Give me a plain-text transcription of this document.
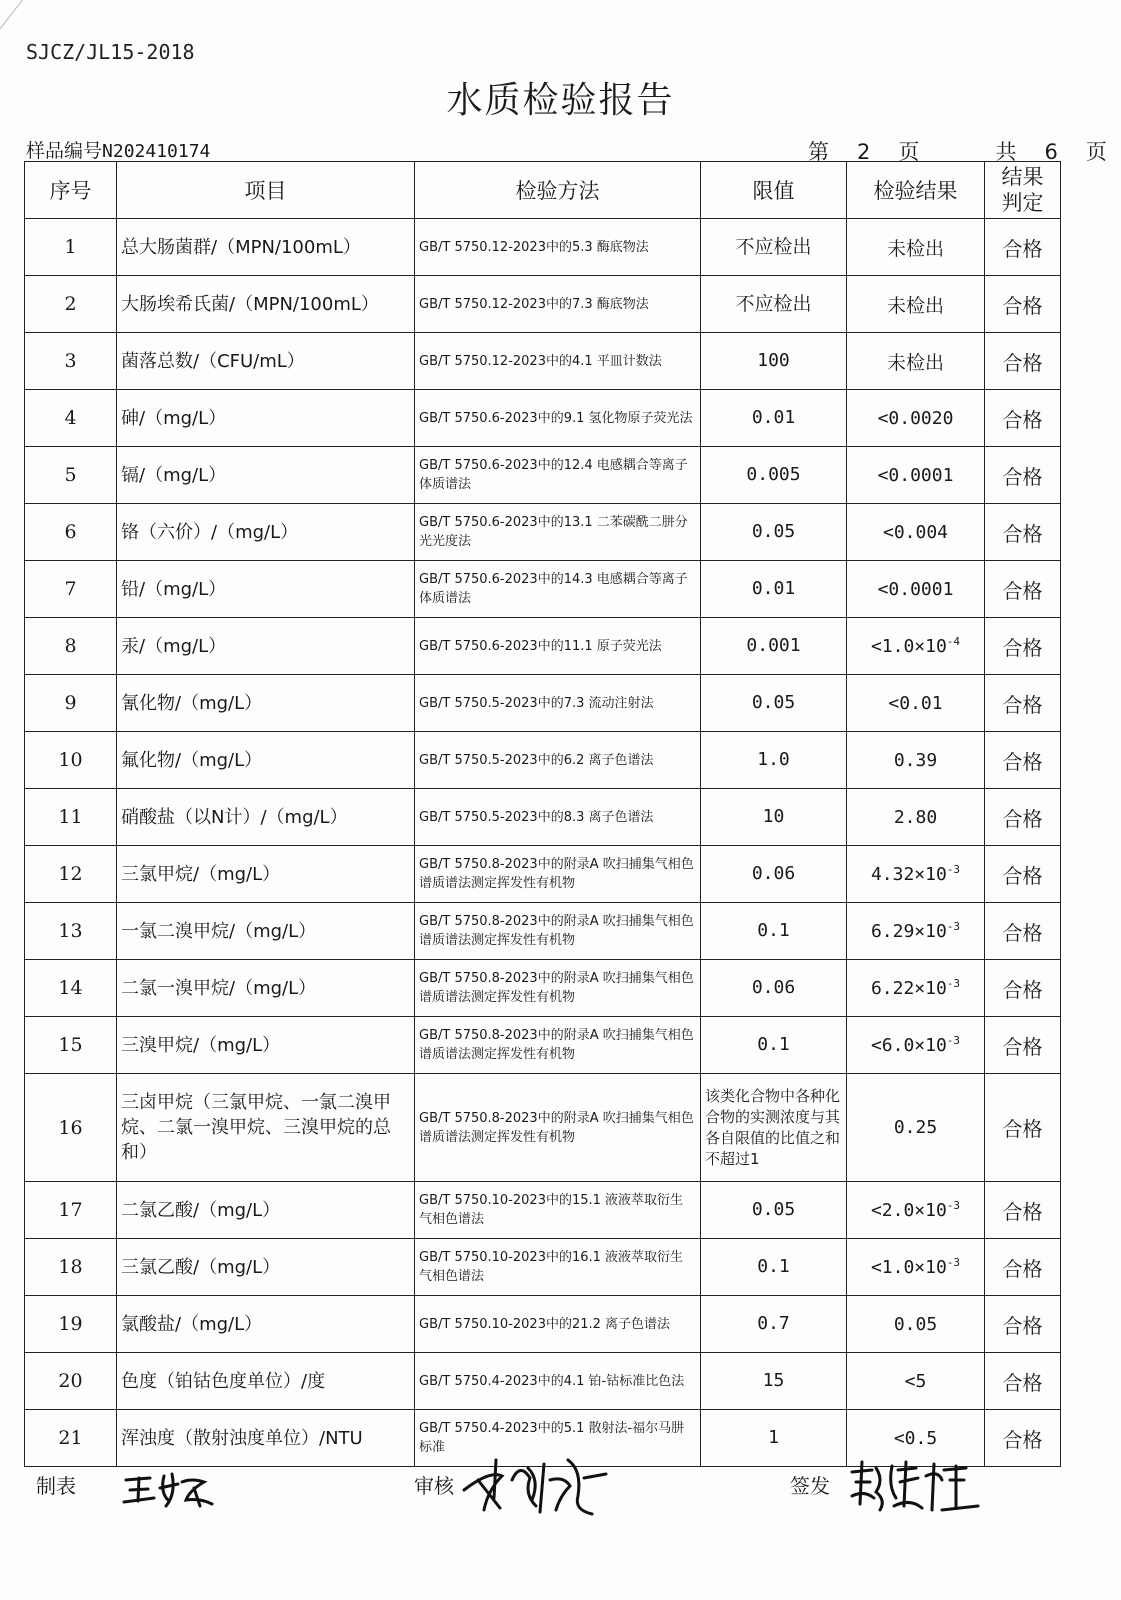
SJCZ/JL15-2018
水质检验报告
样品编号N202410174	第 2 页	共 6 页
序号	项目	检验方法	限值	检验结果	结果判定
1	总大肠菌群/（MPN/100mL）	GB/T 5750.12-2023中的5.3 酶底物法	不应检出	未检出	合格
2	大肠埃希氏菌/（MPN/100mL）	GB/T 5750.12-2023中的7.3 酶底物法	不应检出	未检出	合格
3	菌落总数/（CFU/mL）	GB/T 5750.12-2023中的4.1 平皿计数法	100	未检出	合格
4	砷/（mg/L）	GB/T 5750.6-2023中的9.1 氢化物原子荧光法	0.01	<0.0020	合格
5	镉/（mg/L）	GB/T 5750.6-2023中的12.4 电感耦合等离子体质谱法	0.005	<0.0001	合格
6	铬（六价）/（mg/L）	GB/T 5750.6-2023中的13.1 二苯碳酰二肼分光光度法	0.05	<0.004	合格
7	铅/（mg/L）	GB/T 5750.6-2023中的14.3 电感耦合等离子体质谱法	0.01	<0.0001	合格
8	汞/（mg/L）	GB/T 5750.6-2023中的11.1 原子荧光法	0.001	$<1.0\times 10^{-4}$	合格
9	氰化物/（mg/L）	GB/T 5750.5-2023中的7.3 流动注射法	0.05	<0.01	合格
10	氟化物/（mg/L）	GB/T 5750.5-2023中的6.2 离子色谱法	1.0	0.39	合格
11	硝酸盐（以N计）/（mg/L）	GB/T 5750.5-2023中的8.3 离子色谱法	10	2.80	合格
12	三氯甲烷/（mg/L）	GB/T 5750.8-2023中的附录A 吹扫捕集气相色谱质谱法测定挥发性有机物	0.06	$4.32\times 10^{-3}$	合格
13	一氯二溴甲烷/（mg/L）	GB/T 5750.8-2023中的附录A 吹扫捕集气相色谱质谱法测定挥发性有机物	0.1	$6.29\times 10^{-3}$	合格
14	二氯一溴甲烷/（mg/L）	GB/T 5750.8-2023中的附录A 吹扫捕集气相色谱质谱法测定挥发性有机物	0.06	$6.22\times 10^{-3}$	合格
15	三溴甲烷/（mg/L）	GB/T 5750.8-2023中的附录A 吹扫捕集气相色谱质谱法测定挥发性有机物	0.1	$<6.0\times 10^{-3}$	合格
16	三卤甲烷（三氯甲烷、一氯二溴甲烷、二氯一溴甲烷、三溴甲烷的总和）	GB/T 5750.8-2023中的附录A 吹扫捕集气相色谱质谱法测定挥发性有机物	该类化合物中各种化合物的实测浓度与其各自限值的比值之和不超过1	0.25	合格
17	二氯乙酸/（mg/L）	GB/T 5750.10-2023中的15.1 液液萃取衍生气相色谱法	0.05	$<2.0\times 10^{-3}$	合格
18	三氯乙酸/（mg/L）	GB/T 5750.10-2023中的16.1 液液萃取衍生气相色谱法	0.1	$<1.0\times 10^{-3}$	合格
19	氯酸盐/（mg/L）	GB/T 5750.10-2023中的21.2 离子色谱法	0.7	0.05	合格
20	色度（铂钴色度单位）/度	GB/T 5750.4-2023中的4.1 铂-钴标准比色法	15	<5	合格
21	浑浊度（散射浊度单位）/NTU	GB/T 5750.4-2023中的5.1 散射法-福尔马肼标准	1	<0.5	合格
制表	审核	签发
